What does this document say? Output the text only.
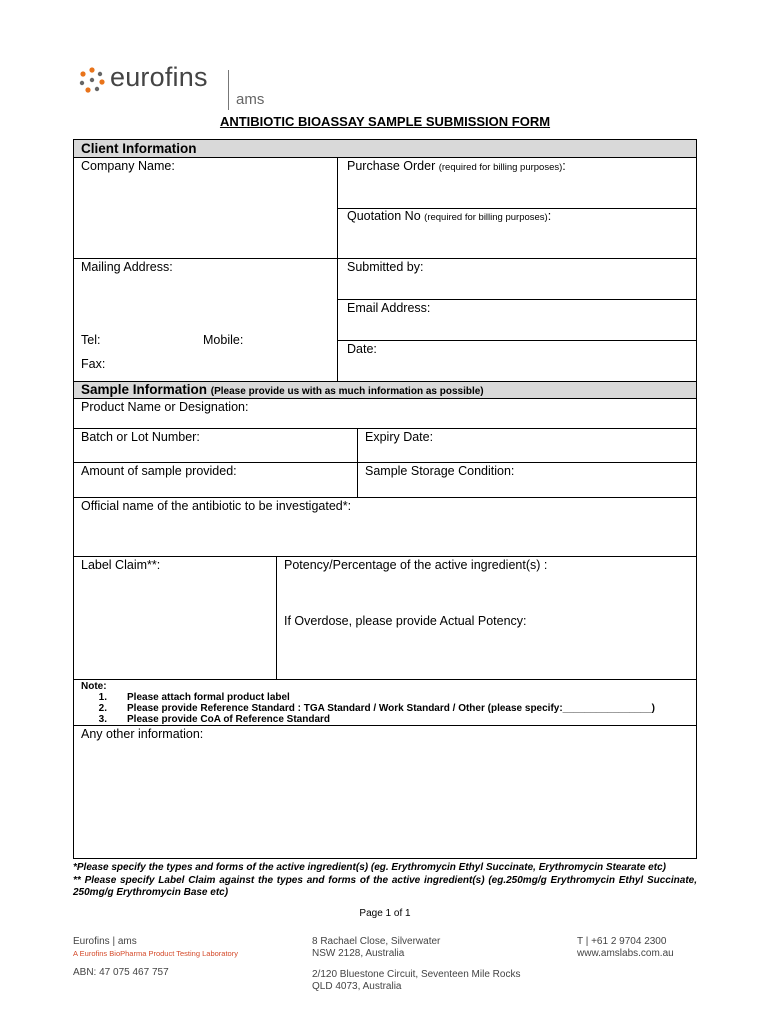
eurofins
ams
ANTIBIOTIC BIOASSAY SAMPLE SUBMISSION FORM
Client Information
Company Name:	Purchase Order (required for billing purposes):
Quotation No (required for billing purposes):
Mailing Address:	Submitted by:
Email Address:
Tel:	Mobile:
Date:
Fax:
Sample Information (Please provide us with as much information as possible)
Product Name or Designation:
Batch or Lot Number:	Expiry Date:
Amount of sample provided:	Sample Storage Condition:
Official name of the antibiotic to be investigated*:
Label Claim**:	Potency/Percentage of the active ingredient(s) :
If Overdose, please provide Actual Potency:
Note:
1. Please attach formal product label
2. Please provide Reference Standard : TGA Standard / Work Standard / Other (please specify:________________)
3. Please provide CoA of Reference Standard
Any other information:
*Please specify the types and forms of the active ingredient(s) (eg. Erythromycin Ethyl Succinate, Erythromycin Stearate etc)
** Please specify Label Claim against the types and forms of the active ingredient(s) (eg.250mg/g Erythromycin Ethyl Succinate, 250mg/g Erythromycin Base etc)
Page 1 of 1
Eurofins | ams
A Eurofins BioPharma Product Testing Laboratory
ABN: 47 075 467 757
8 Rachael Close, Silverwater
NSW 2128, Australia
2/120 Bluestone Circuit, Seventeen Mile Rocks
QLD 4073, Australia
T | +61 2 9704 2300
www.amslabs.com.au
